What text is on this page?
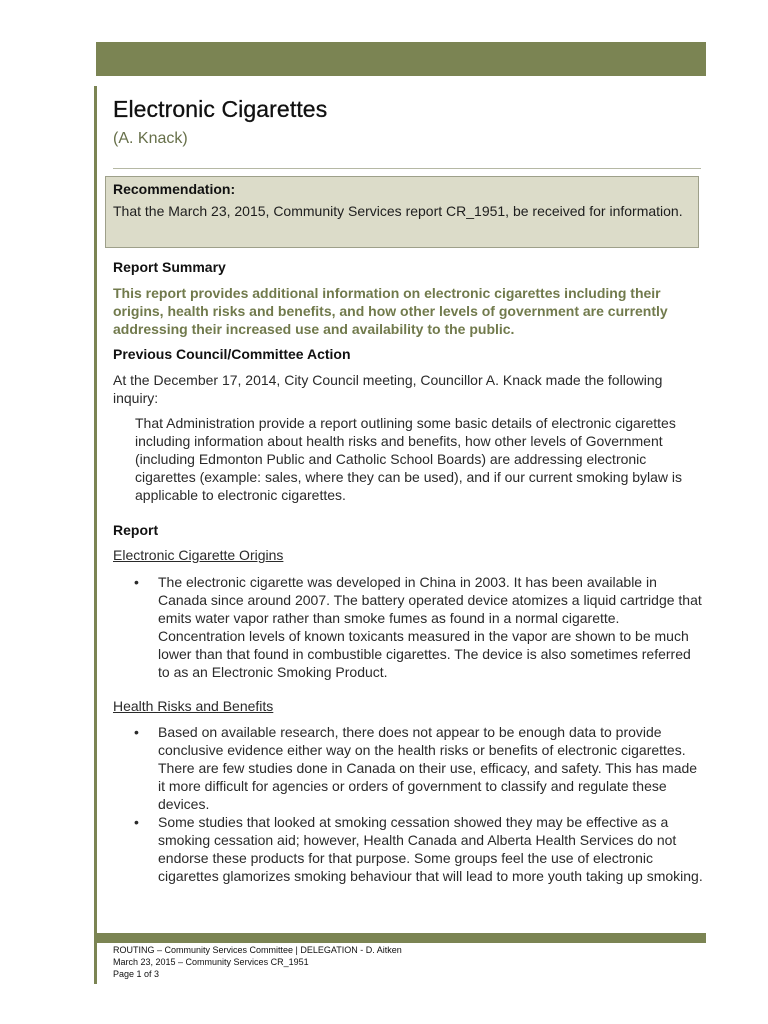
Electronic Cigarettes
(A. Knack)
Recommendation:
That the March 23, 2015, Community Services report CR_1951, be received for information.
Report Summary
This report provides additional information on electronic cigarettes including their origins, health risks and benefits, and how other levels of government are currently addressing their increased use and availability to the public.
Previous Council/Committee Action
At the December 17, 2014, City Council meeting, Councillor A. Knack made the following inquiry:
That Administration provide a report outlining some basic details of electronic cigarettes including information about health risks and benefits, how other levels of Government (including Edmonton Public and Catholic School Boards) are addressing electronic cigarettes (example: sales, where they can be used), and if our current smoking bylaw is applicable to electronic cigarettes.
Report
Electronic Cigarette Origins
• The electronic cigarette was developed in China in 2003. It has been available in Canada since around 2007. The battery operated device atomizes a liquid cartridge that emits water vapor rather than smoke fumes as found in a normal cigarette. Concentration levels of known toxicants measured in the vapor are shown to be much lower than that found in combustible cigarettes. The device is also sometimes referred to as an Electronic Smoking Product.
Health Risks and Benefits
• Based on available research, there does not appear to be enough data to provide conclusive evidence either way on the health risks or benefits of electronic cigarettes. There are few studies done in Canada on their use, efficacy, and safety. This has made it more difficult for agencies or orders of government to classify and regulate these devices.
• Some studies that looked at smoking cessation showed they may be effective as a smoking cessation aid; however, Health Canada and Alberta Health Services do not endorse these products for that purpose. Some groups feel the use of electronic cigarettes glamorizes smoking behaviour that will lead to more youth taking up smoking.
ROUTING – Community Services Committee | DELEGATION - D. Aitken
March 23, 2015 – Community Services CR_1951
Page 1 of 3
